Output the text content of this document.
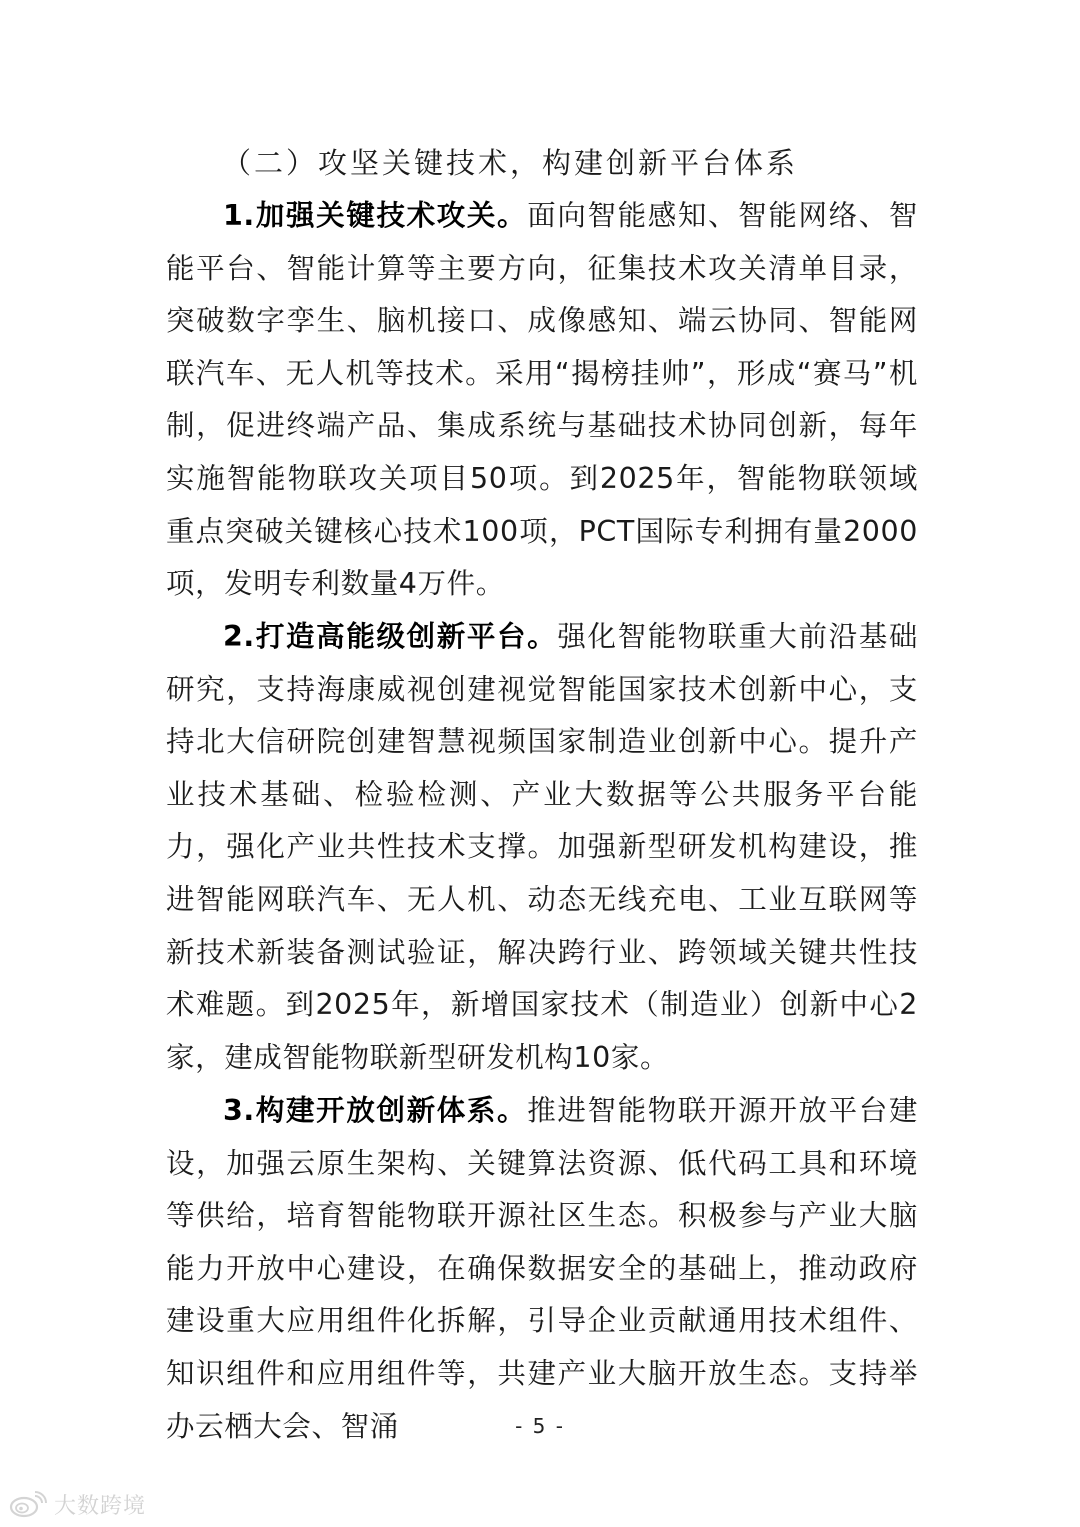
（二）攻坚关键技术，构建创新平台体系

1.加强关键技术攻关。面向智能感知、智能网络、智能平台、智能计算等主要方向，征集技术攻关清单目录，突破数字孪生、脑机接口、成像感知、端云协同、智能网联汽车、无人机等技术。采用“揭榜挂帅”，形成“赛马”机制，促进终端产品、集成系统与基础技术协同创新，每年实施智能物联攻关项目50项。到2025年，智能物联领域重点突破关键核心技术100项，PCT国际专利拥有量2000项，发明专利数量4万件。

2.打造高能级创新平台。强化智能物联重大前沿基础研究，支持海康威视创建视觉智能国家技术创新中心，支持北大信研院创建智慧视频国家制造业创新中心。提升产业技术基础、检验检测、产业大数据等公共服务平台能力，强化产业共性技术支撑。加强新型研发机构建设，推进智能网联汽车、无人机、动态无线充电、工业互联网等新技术新装备测试验证，解决跨行业、跨领域关键共性技术难题。到2025年，新增国家技术（制造业）创新中心2家，建成智能物联新型研发机构10家。

3.构建开放创新体系。推进智能物联开源开放平台建设，加强云原生架构、关键算法资源、低代码工具和环境等供给，培育智能物联开源社区生态。积极参与产业大脑能力开放中心建设，在确保数据安全的基础上，推动政府建设重大应用组件化拆解，引导企业贡献通用技术组件、知识组件和应用组件等，共建产业大脑开放生态。支持举办云栖大会、智涌	- 5 -
大数跨境
